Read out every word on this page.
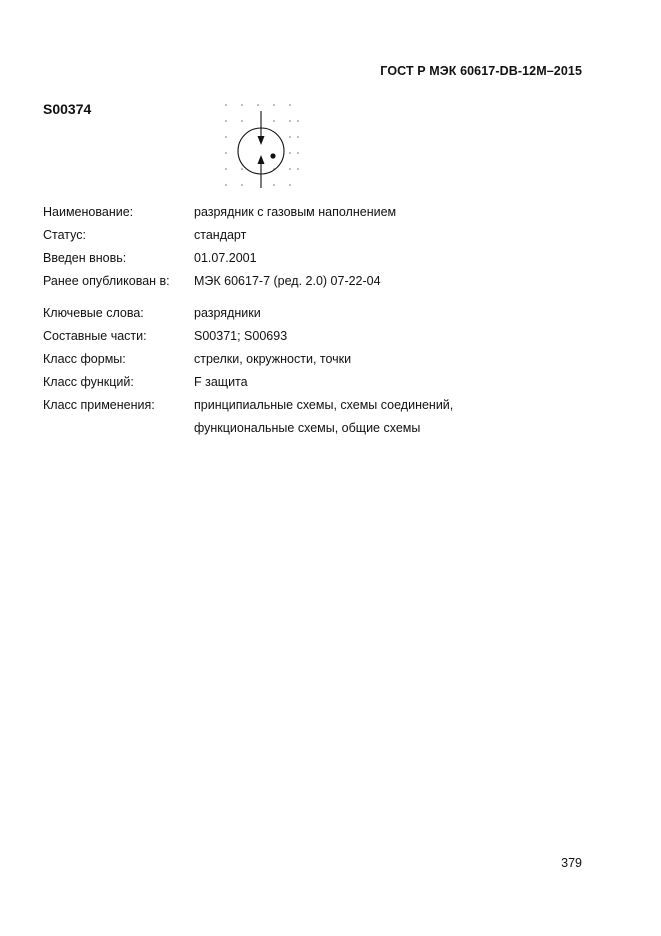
ГОСТ Р МЭК 60617-DB-12M–2015
S00374
Наименование:	разрядник с газовым наполнением
Статус:	стандарт
Введен вновь:	01.07.2001
Ранее опубликован в:	МЭК 60617-7 (ред. 2.0) 07-22-04
Ключевые слова:	разрядники
Составные части:	S00371; S00693
Класс формы:	стрелки, окружности, точки
Класс функций:	F защита
Класс применения:	принципиальные схемы, схемы соединений,
функциональные схемы, общие схемы
379
